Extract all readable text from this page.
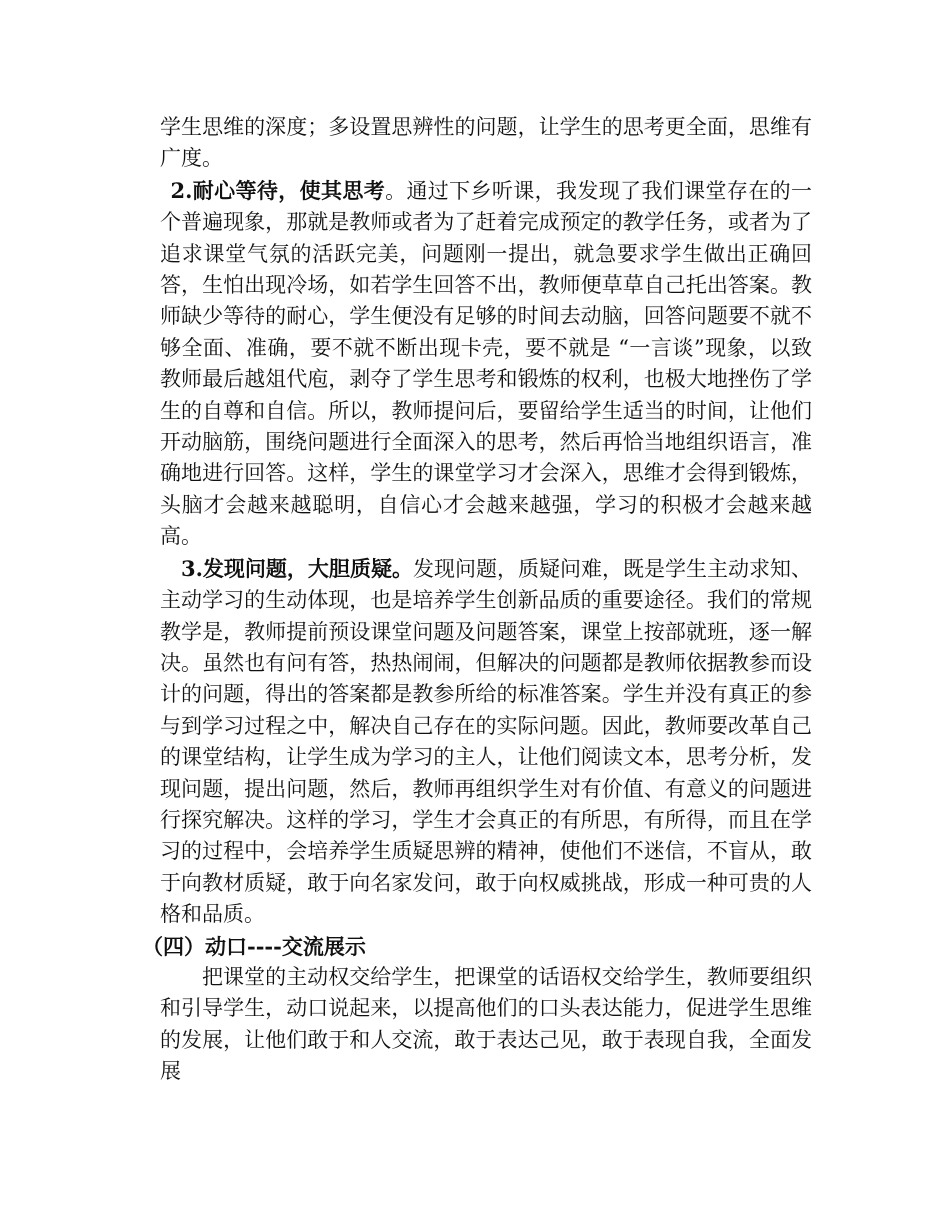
学生思维的深度；多设置思辨性的问题，让学生的思考更全面，思维有广度。

2.耐心等待，使其思考。通过下乡听课，我发现了我们课堂存在的一个普遍现象，那就是教师或者为了赶着完成预定的教学任务，或者为了追求课堂气氛的活跃完美，问题刚一提出，就急要求学生做出正确回答，生怕出现冷场，如若学生回答不出，教师便草草自己托出答案。教师缺少等待的耐心，学生便没有足够的时间去动脑，回答问题要不就不够全面、准确，要不就不断出现卡壳，要不就是 “一言谈”现象，以致教师最后越俎代庖，剥夺了学生思考和锻炼的权利，也极大地挫伤了学生的自尊和自信。所以，教师提问后，要留给学生适当的时间，让他们开动脑筋，围绕问题进行全面深入的思考，然后再恰当地组织语言，准确地进行回答。这样，学生的课堂学习才会深入，思维才会得到锻炼，头脑才会越来越聪明，自信心才会越来越强，学习的积极才会越来越高。

3.发现问题，大胆质疑。发现问题，质疑问难，既是学生主动求知、主动学习的生动体现，也是培养学生创新品质的重要途径。我们的常规教学是，教师提前预设课堂问题及问题答案，课堂上按部就班，逐一解决。虽然也有问有答，热热闹闹，但解决的问题都是教师依据教参而设计的问题，得出的答案都是教参所给的标准答案。学生并没有真正的参与到学习过程之中，解决自己存在的实际问题。因此，教师要改革自己的课堂结构，让学生成为学习的主人，让他们阅读文本，思考分析，发现问题，提出问题，然后，教师再组织学生对有价值、有意义的问题进行探究解决。这样的学习，学生才会真正的有所思，有所得，而且在学习的过程中，会培养学生质疑思辨的精神，使他们不迷信，不盲从，敢于向教材质疑，敢于向名家发问，敢于向权威挑战，形成一种可贵的人格和品质。

（四）动口----交流展示

把课堂的主动权交给学生，把课堂的话语权交给学生，教师要组织和引导学生，动口说起来，以提高他们的口头表达能力，促进学生思维的发展，让他们敢于和人交流，敢于表达己见，敢于表现自我，全面发展
